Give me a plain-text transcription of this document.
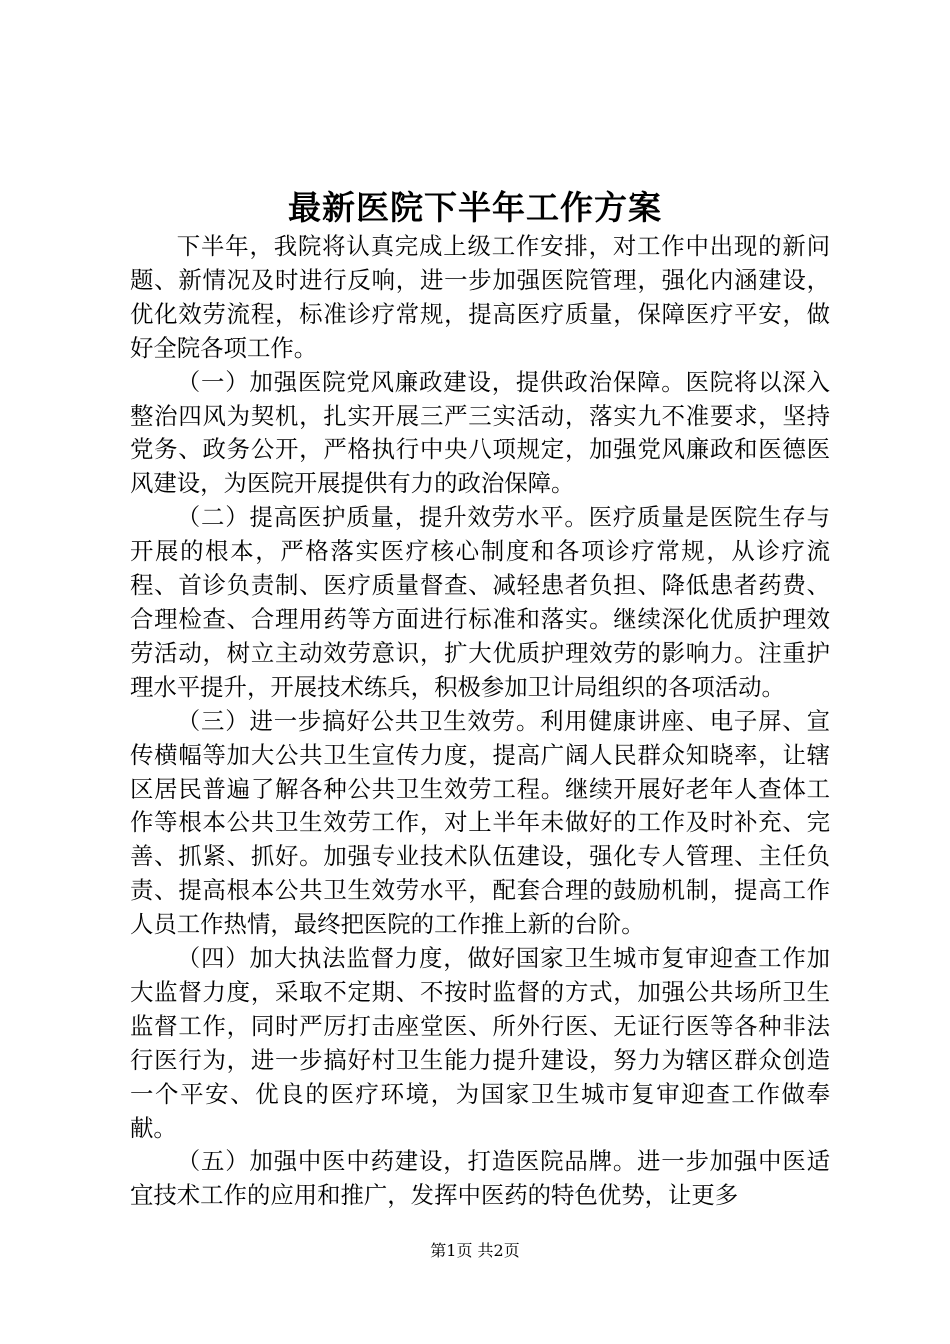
最新医院下半年工作方案

下半年，我院将认真完成上级工作安排，对工作中出现的新问题、新情况及时进行反响，进一步加强医院管理，强化内涵建设，优化效劳流程，标准诊疗常规，提高医疗质量，保障医疗平安，做好全院各项工作。

（一）加强医院党风廉政建设，提供政治保障。医院将以深入整治四风为契机，扎实开展三严三实活动，落实九不准要求，坚持党务、政务公开，严格执行中央八项规定，加强党风廉政和医德医风建设，为医院开展提供有力的政治保障。

（二）提高医护质量，提升效劳水平。医疗质量是医院生存与开展的根本，严格落实医疗核心制度和各项诊疗常规，从诊疗流程、首诊负责制、医疗质量督查、减轻患者负担、降低患者药费、合理检查、合理用药等方面进行标准和落实。继续深化优质护理效劳活动，树立主动效劳意识，扩大优质护理效劳的影响力。注重护理水平提升，开展技术练兵，积极参加卫计局组织的各项活动。

（三）进一步搞好公共卫生效劳。利用健康讲座、电子屏、宣传横幅等加大公共卫生宣传力度，提高广阔人民群众知晓率，让辖区居民普遍了解各种公共卫生效劳工程。继续开展好老年人查体工作等根本公共卫生效劳工作，对上半年未做好的工作及时补充、完善、抓紧、抓好。加强专业技术队伍建设，强化专人管理、主任负责、提高根本公共卫生效劳水平，配套合理的鼓励机制，提高工作人员工作热情，最终把医院的工作推上新的台阶。

（四）加大执法监督力度，做好国家卫生城市复审迎查工作加大监督力度，采取不定期、不按时监督的方式，加强公共场所卫生监督工作，同时严厉打击座堂医、所外行医、无证行医等各种非法行医行为，进一步搞好村卫生能力提升建设，努力为辖区群众创造一个平安、优良的医疗环境，为国家卫生城市复审迎查工作做奉献。

（五）加强中医中药建设，打造医院品牌。进一步加强中医适宜技术工作的应用和推广，发挥中医药的特色优势，让更多

第1页 共2页
